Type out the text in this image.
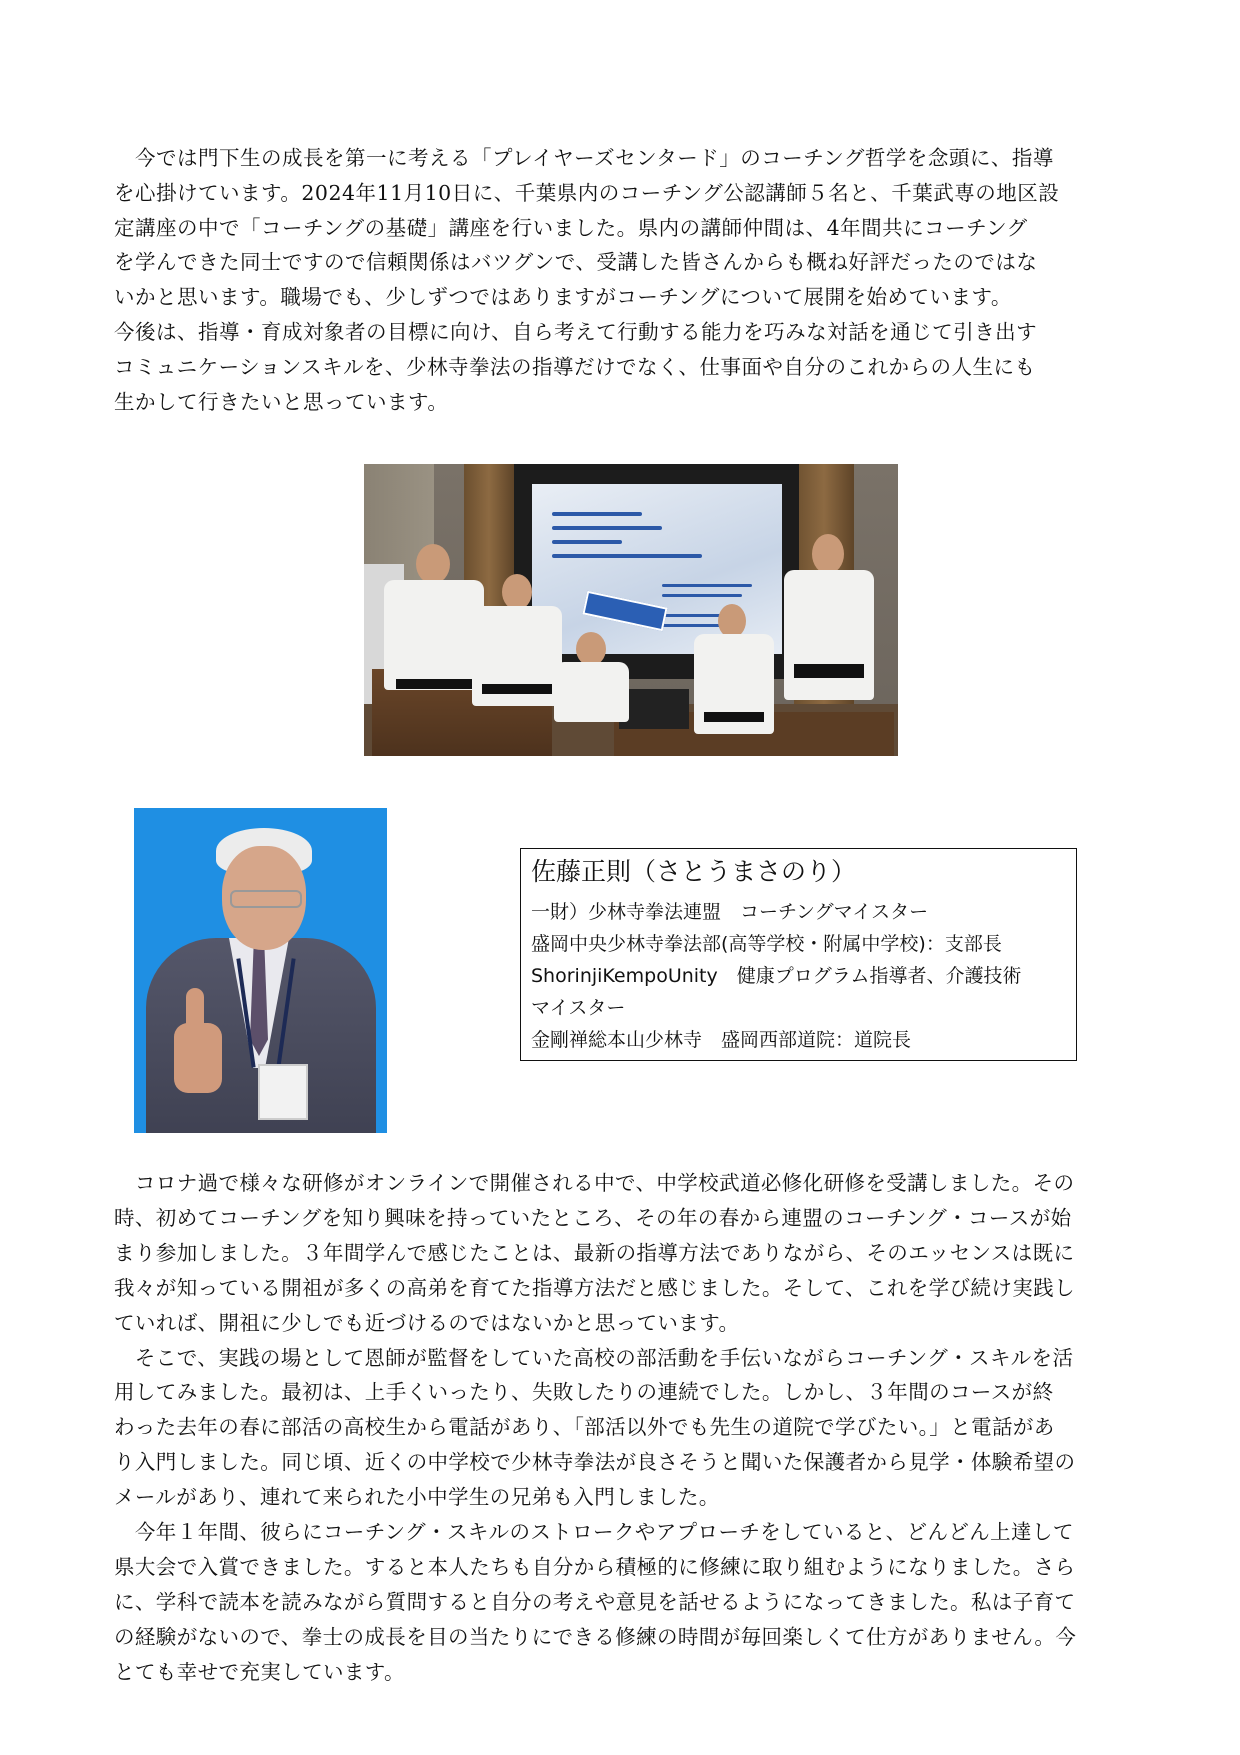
　今では門下生の成長を第一に考える「プレイヤーズセンタード」のコーチング哲学を念頭に、指導
を心掛けています。2024年11月10日に、千葉県内のコーチング公認講師５名と、千葉武専の地区設
定講座の中で「コーチングの基礎」講座を行いました。県内の講師仲間は、4年間共にコーチング
を学んできた同士ですので信頼関係はバツグンで、受講した皆さんからも概ね好評だったのではな
いかと思います。職場でも、少しずつではありますがコーチングについて展開を始めています。
今後は、指導・育成対象者の目標に向け、自ら考えて行動する能力を巧みな対話を通じて引き出す
コミュニケーションスキルを、少林寺拳法の指導だけでなく、仕事面や自分のこれからの人生にも
生かして行きたいと思っています。
佐藤正則（さとうまさのり）
一財）少林寺拳法連盟　コーチングマイスター
盛岡中央少林寺拳法部(高等学校・附属中学校)：支部長
ShorinjiKempoUnity　健康プログラム指導者、介護技術
マイスター
金剛禅総本山少林寺　盛岡西部道院：道院長
　コロナ過で様々な研修がオンラインで開催される中で、中学校武道必修化研修を受講しました。その
時、初めてコーチングを知り興味を持っていたところ、その年の春から連盟のコーチング・コースが始
まり参加しました。３年間学んで感じたことは、最新の指導方法でありながら、そのエッセンスは既に
我々が知っている開祖が多くの高弟を育てた指導方法だと感じました。そして、これを学び続け実践し
ていれば、開祖に少しでも近づけるのではないかと思っています。
　そこで、実践の場として恩師が監督をしていた高校の部活動を手伝いながらコーチング・スキルを活
用してみました。最初は、上手くいったり、失敗したりの連続でした。しかし、３年間のコースが終
わった去年の春に部活の高校生から電話があり、「部活以外でも先生の道院で学びたい。」と電話があ
り入門しました。同じ頃、近くの中学校で少林寺拳法が良さそうと聞いた保護者から見学・体験希望の
メールがあり、連れて来られた小中学生の兄弟も入門しました。
　今年１年間、彼らにコーチング・スキルのストロークやアプローチをしていると、どんどん上達して
県大会で入賞できました。すると本人たちも自分から積極的に修練に取り組むようになりました。さら
に、学科で読本を読みながら質問すると自分の考えや意見を話せるようになってきました。私は子育て
の経験がないので、拳士の成長を目の当たりにできる修練の時間が毎回楽しくて仕方がありません。今
とても幸せで充実しています。
